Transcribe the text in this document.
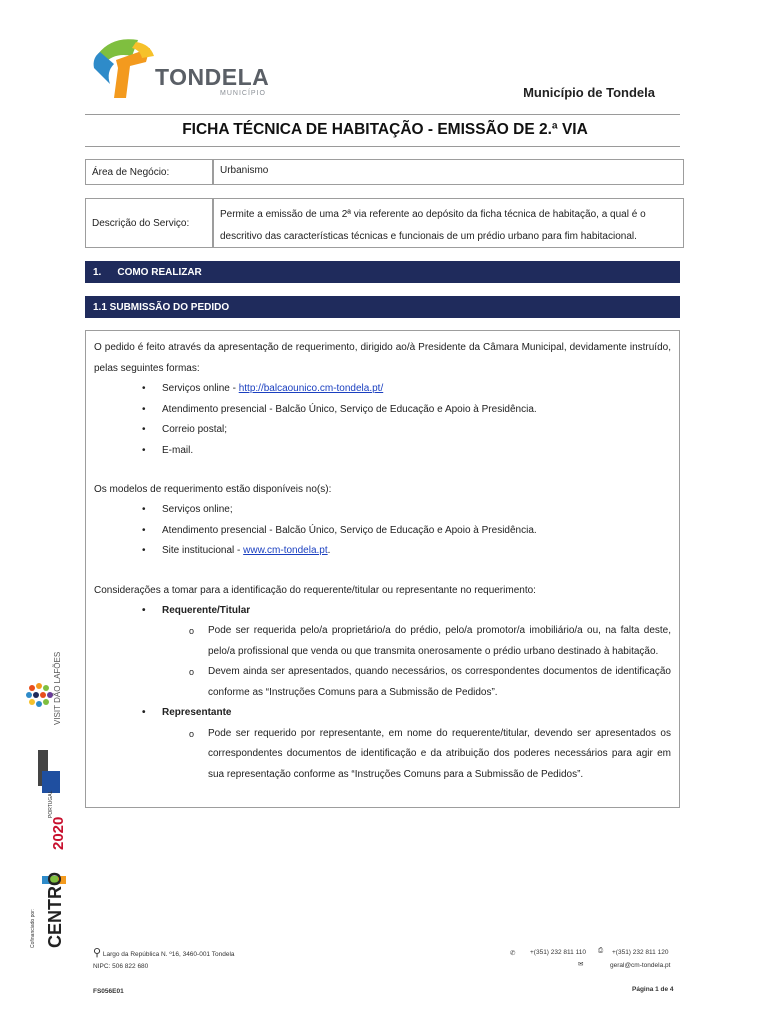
TONDELA
MUNICÍPIO	Município de Tondela
FICHA TÉCNICA DE HABITAÇÃO - EMISSÃO DE 2.ª VIA
Área de Negócio:	Urbanismo
Descrição do Serviço:
Permite a emissão de uma 2ª via referente ao depósito da ficha técnica de habitação, a qual é o descritivo das características técnicas e funcionais de um prédio urbano para fim habitacional.
1. COMO REALIZAR
1.1 SUBMISSÃO DO PEDIDO

O pedido é feito através da apresentação de requerimento, dirigido ao/à Presidente da Câmara Municipal, devidamente instruído, pelas seguintes formas:

• Serviços online - http://balcaounico.cm-tondela.pt/
• Atendimento presencial - Balcão Único, Serviço de Educação e Apoio à Presidência.
• Correio postal;
• E-mail.

Os modelos de requerimento estão disponíveis no(s):

• Serviços online;
• Atendimento presencial - Balcão Único, Serviço de Educação e Apoio à Presidência.
• Site institucional - www.cm-tondela.pt.

Considerações a tomar para a identificação do requerente/titular ou representante no requerimento:

• Requerente/Titular
o Pode ser requerida pelo/a proprietário/a do prédio, pelo/a promotor/a imobiliário/a ou, na falta deste, pelo/a profissional que venda ou que transmita onerosamente o prédio urbano destinado à habitação.
o Devem ainda ser apresentados, quando necessários, os correspondentes documentos de identificação conforme as “Instruções Comuns para a Submissão de Pedidos”.
• Representante
o Pode ser requerido por representante, em nome do requerente/titular, devendo ser apresentados os correspondentes documentos de identificação e da atribuição dos poderes necessários para agir em sua representação conforme as “Instruções Comuns para a Submissão de Pedidos”.
VISIT DÃO LAFÕES
PORTUGAL
2020
CENTRO
Cofinanciado por:
⚲ Largo da República N. º16, 3460-001 Tondela
NIPC: 506 822 680
✆ +(351) 232 811 110 ⎙ +(351) 232 811 120
✉	geral@cm-tondela.pt
FS056E01	Página 1 de 4
